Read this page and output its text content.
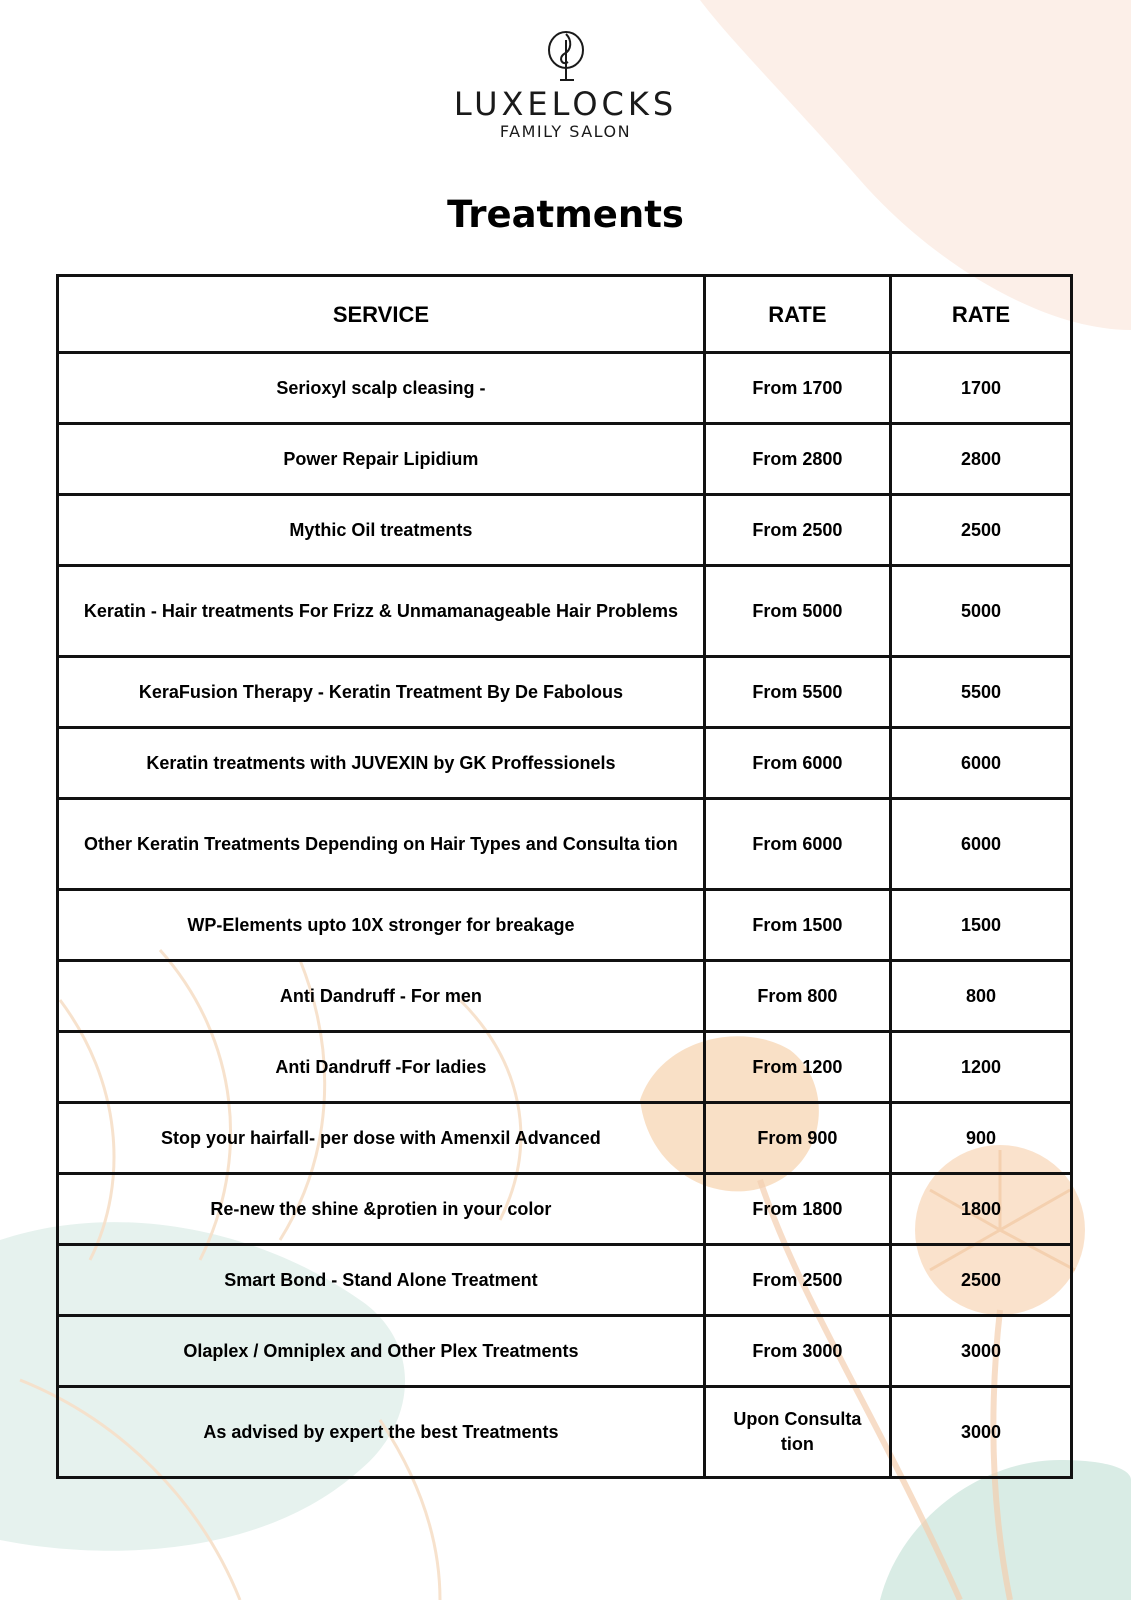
LUXELOCKS
FAMILY SALON
Treatments
SERVICE	RATE	RATE
Serioxyl scalp cleasing -	From 1700	1700
Power Repair Lipidium	From 2800	2800
Mythic Oil treatments	From 2500	2500
Keratin - Hair treatments For Frizz & Unmamanageable Hair Problems	From 5000	5000
KeraFusion Therapy - Keratin Treatment By De Fabolous	From 5500	5500
Keratin treatments with JUVEXIN by GK Proffessionels	From 6000	6000
Other Keratin Treatments Depending on Hair Types and Consulta tion	From 6000	6000
WP-Elements upto 10X stronger for breakage	From 1500	1500
Anti Dandruff - For men	From 800	800
Anti Dandruff -For ladies	From 1200	1200
Stop your hairfall- per dose with Amenxil Advanced	From 900	900
Re-new the shine &protien in your color	From 1800	1800
Smart Bond - Stand Alone Treatment	From 2500	2500
Olaplex / Omniplex and Other Plex Treatments	From 3000	3000
As advised by expert the best Treatments	Upon Consulta tion	3000
